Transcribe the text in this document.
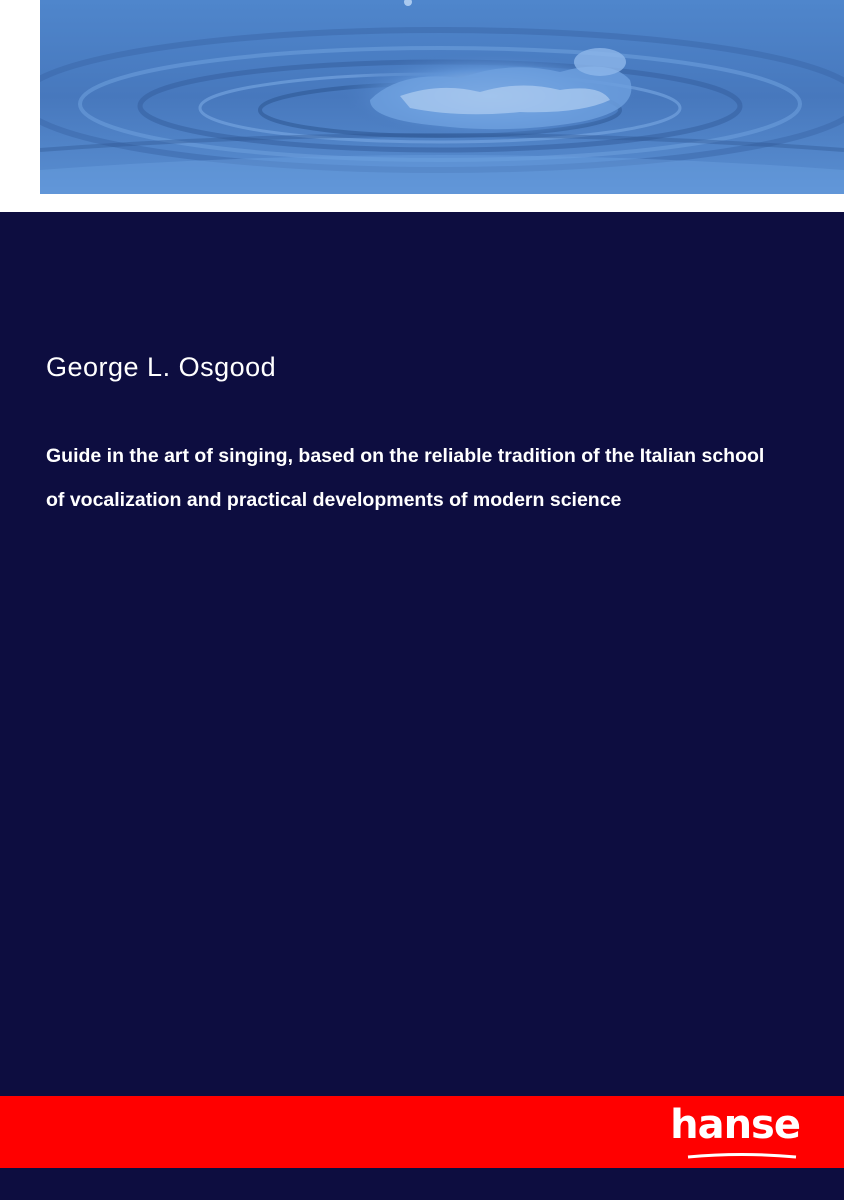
George L. Osgood
Guide in the art of singing, based on the reliable tradition of the Italian school of vocalization and practical developments of modern science
hanse
